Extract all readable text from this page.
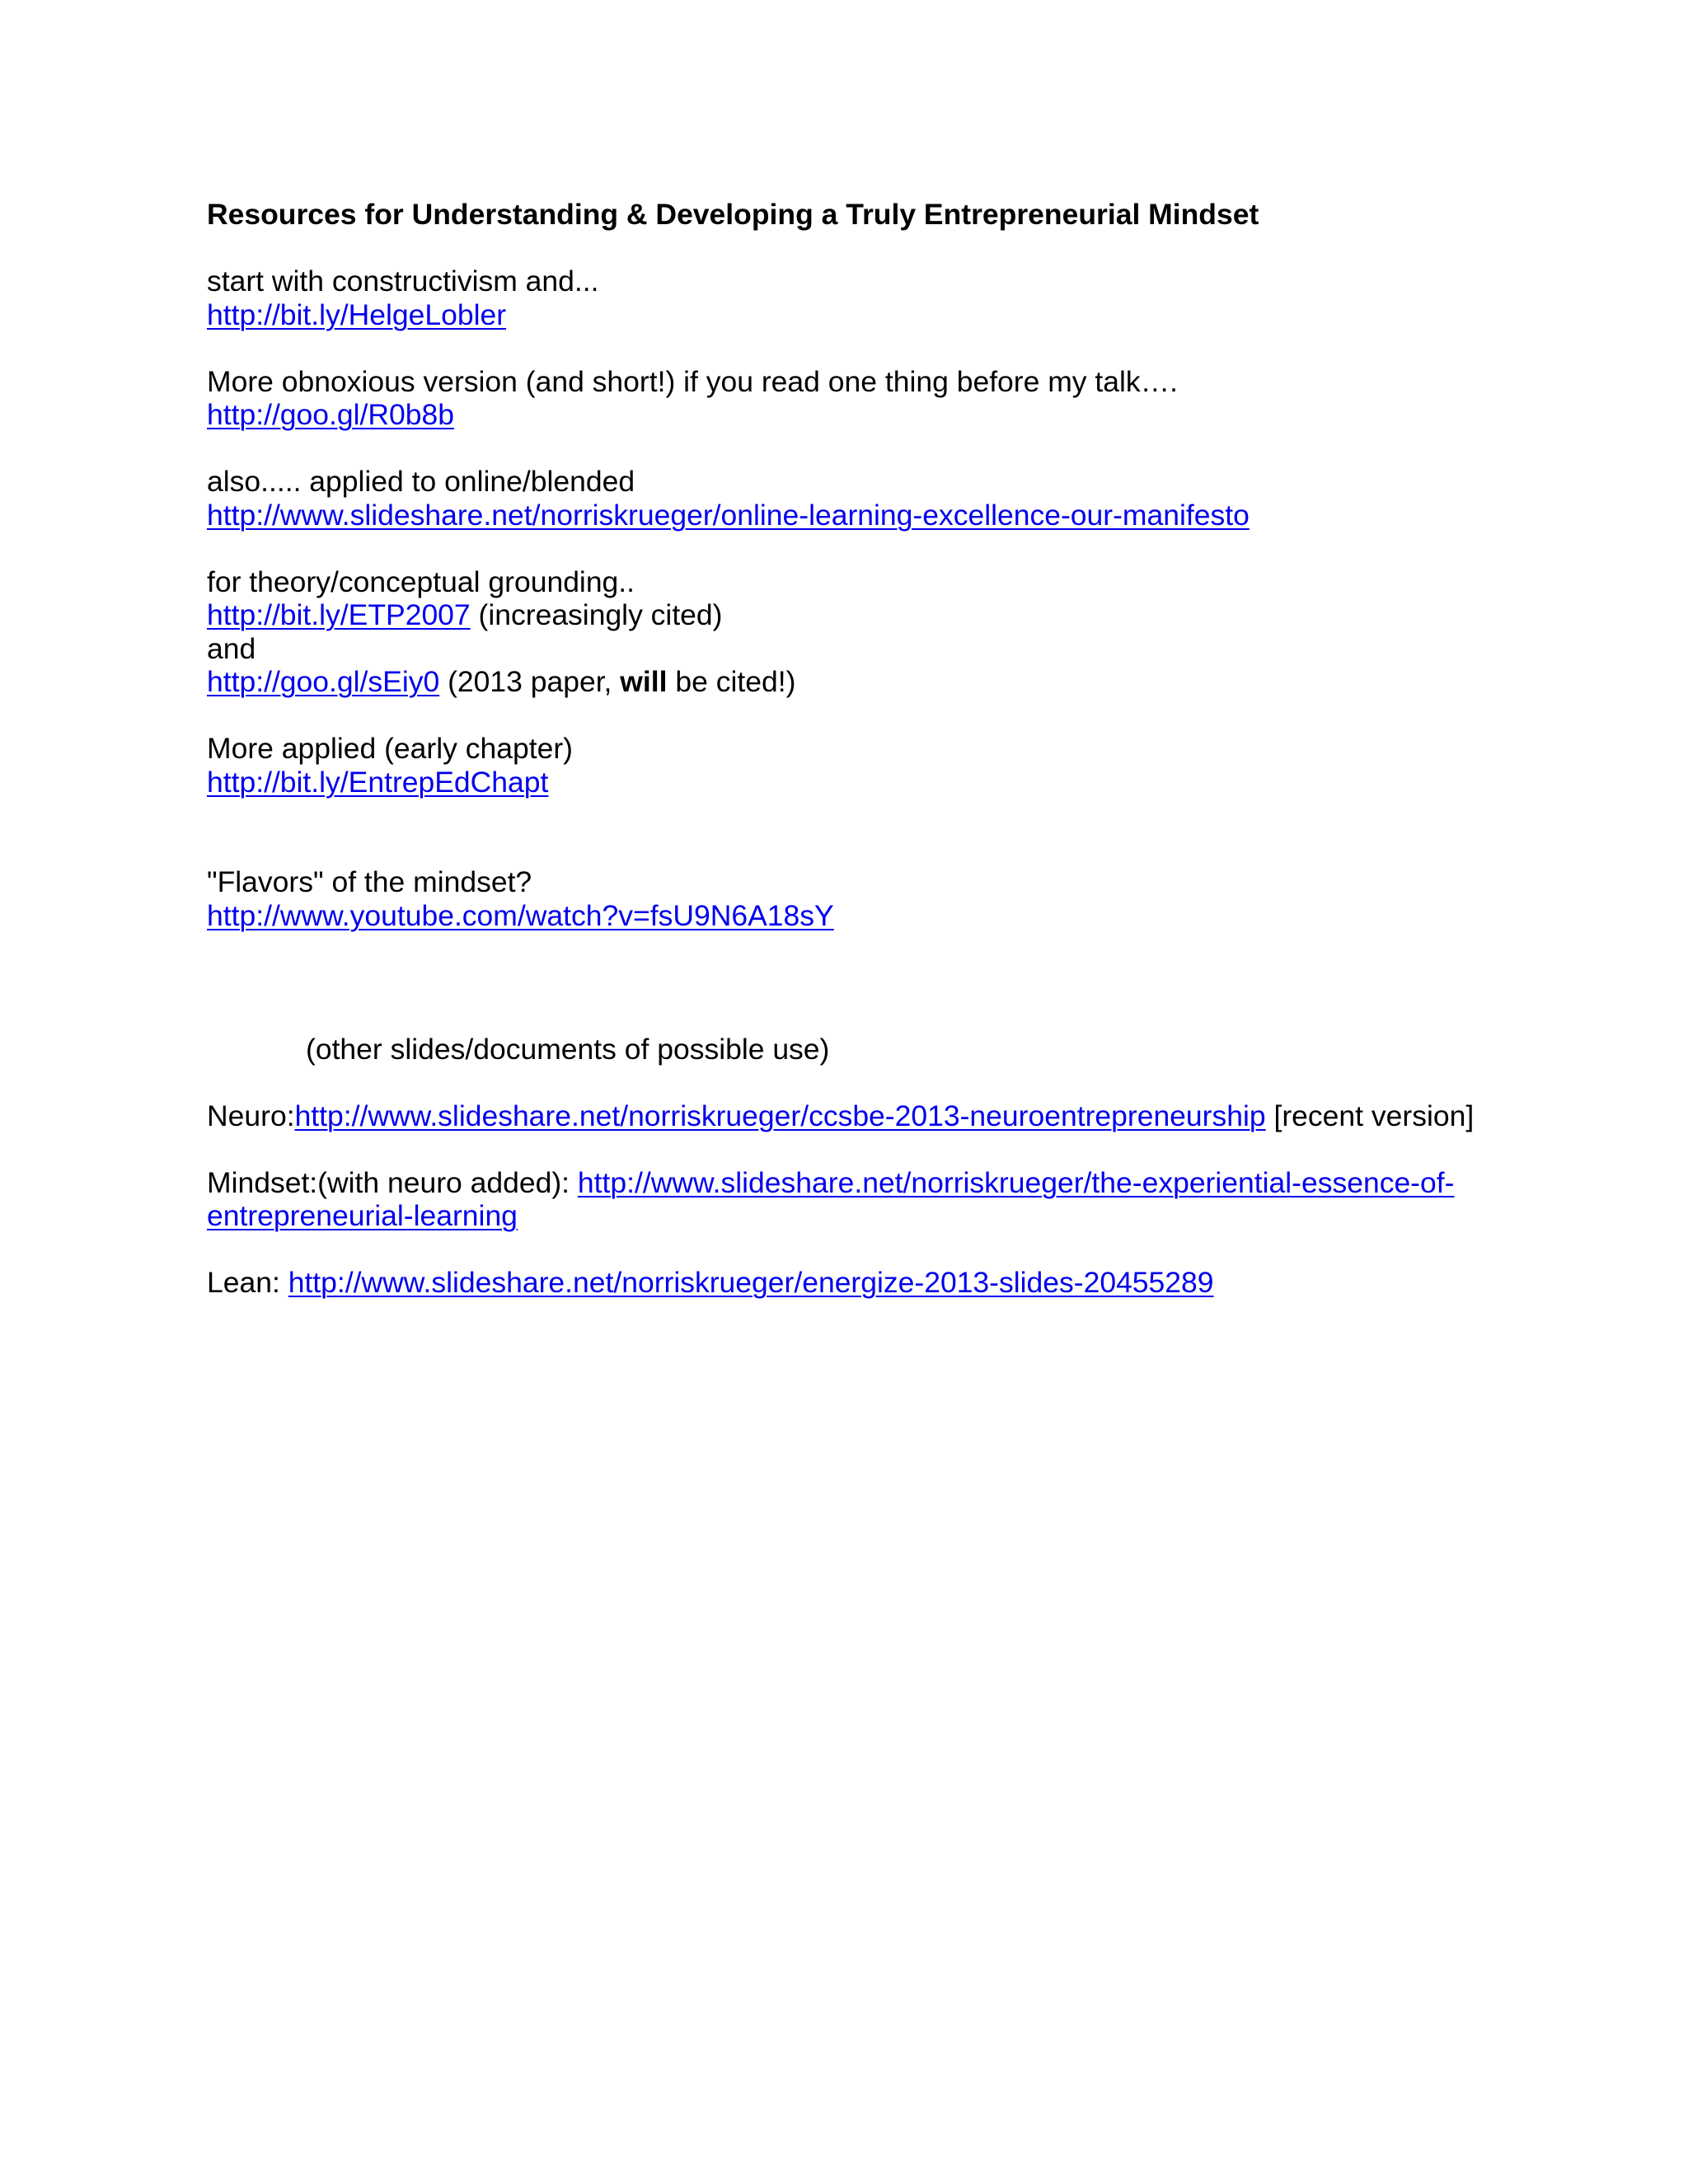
Resources for Understanding & Developing a Truly Entrepreneurial Mindset
start with constructivism and...
http://bit.ly/HelgeLobler
More obnoxious version (and short!) if you read one thing before my talk….
http://goo.gl/R0b8b
also..... applied to online/blended
http://www.slideshare.net/norriskrueger/online-learning-excellence-our-manifesto
for theory/conceptual grounding..
http://bit.ly/ETP2007 (increasingly cited)
and
http://goo.gl/sEiy0 (2013 paper, will be cited!)
More applied (early chapter)
http://bit.ly/EntrepEdChapt
"Flavors" of the mindset?
http://www.youtube.com/watch?v=fsU9N6A18sY
(other slides/documents of possible use)
Neuro:http://www.slideshare.net/norriskrueger/ccsbe-2013-neuroentrepreneurship [recent version]
Mindset:(with neuro added): http://www.slideshare.net/norriskrueger/the-experiential-essence-of-
entrepreneurial-learning
Lean: http://www.slideshare.net/norriskrueger/energize-2013-slides-20455289
